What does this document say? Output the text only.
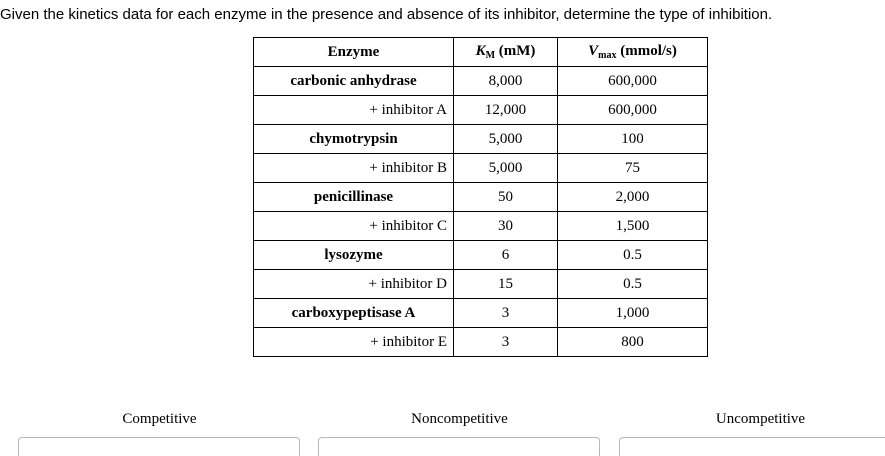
Given the kinetics data for each enzyme in the presence and absence of its inhibitor, determine the type of inhibition.
Enzyme	$K_M$ (mM)	$V_{max}$ (mmol/s)
carbonic anhydrase	8,000	600,000
+ inhibitor A	12,000	600,000
chymotrypsin	5,000	100
+ inhibitor B	5,000	75
penicillinase	50	2,000
+ inhibitor C	30	1,500
lysozyme	6	0.5
+ inhibitor D	15	0.5
carboxypeptisase A	3	1,000
+ inhibitor E	3	800
Competitive	Noncompetitive	Uncompetitive
